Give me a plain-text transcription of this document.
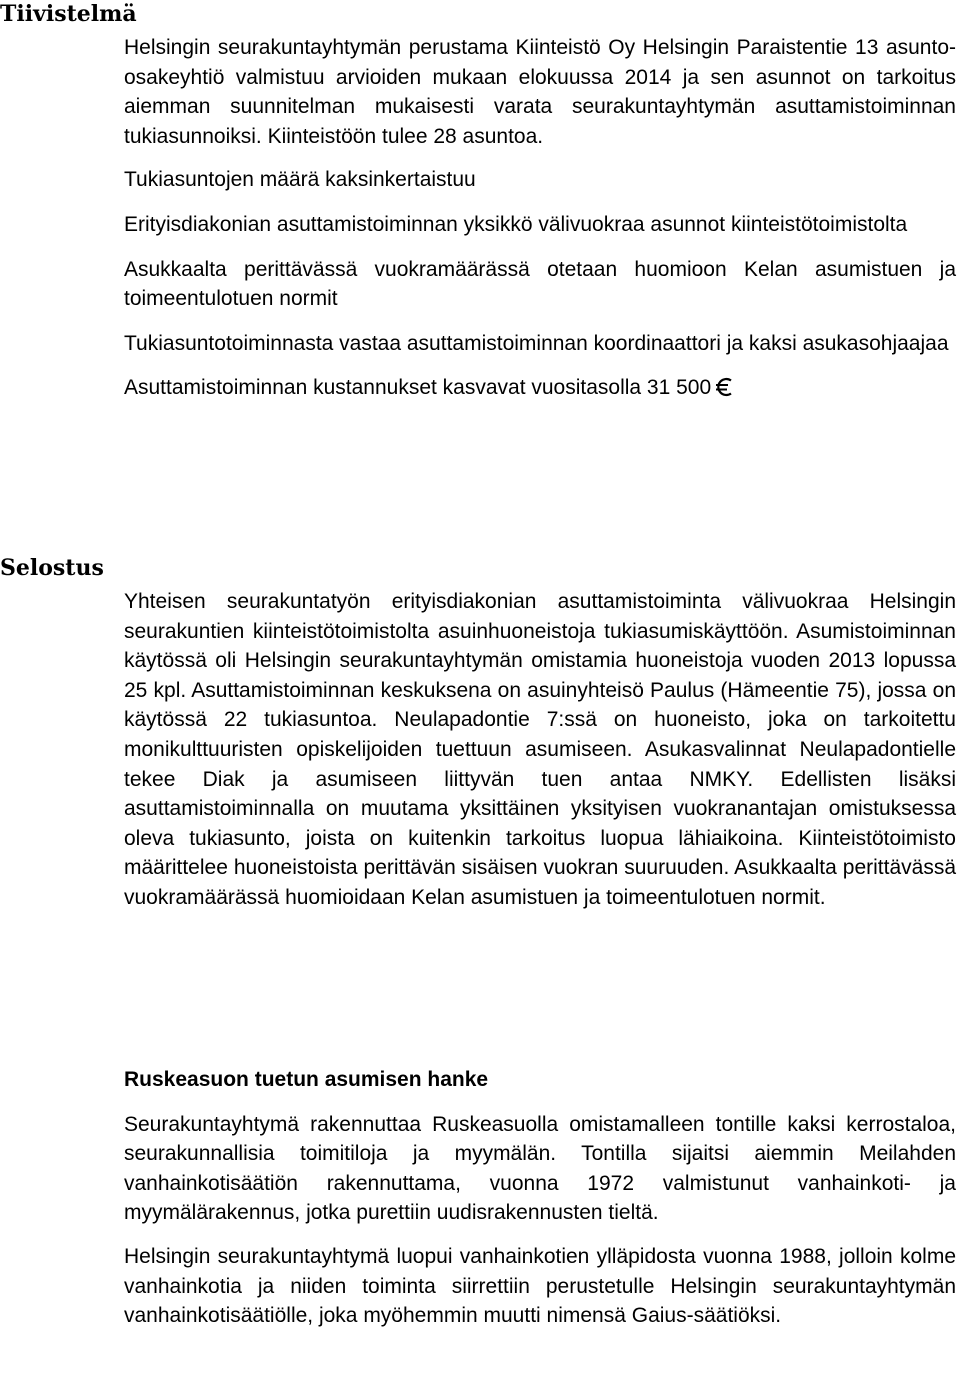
Tiivistelmä

Helsingin seurakuntayhtymän perustama Kiinteistö Oy Helsingin Paraistentie 13 asunto-osakeyhtiö valmistuu arvioiden mukaan elokuussa 2014 ja sen asunnot on tarkoitus aiemman suunnitelman mukaisesti varata seurakuntayhtymän asuttamistoiminnan tukiasunnoiksi. Kiinteistöön tulee 28 asuntoa.

Tukiasuntojen määrä kaksinkertaistuu

Erityisdiakonian asuttamistoiminnan yksikkö välivuokraa asunnot kiinteistötoimistolta

Asukkaalta perittävässä vuokramäärässä otetaan huomioon Kelan asumistuen ja toimeentulotuen normit

Tukiasuntotoiminnasta vastaa asuttamistoiminnan koordinaattori ja kaksi asukasohjaajaa

Asuttamistoiminnan kustannukset kasvavat vuositasolla 31 500

Selostus

Yhteisen seurakuntatyön erityisdiakonian asuttamistoiminta välivuokraa Helsingin seurakuntien kiinteistötoimistolta asuinhuoneistoja tukiasumiskäyttöön. Asumistoiminnan käytössä oli Helsingin seurakuntayhtymän omistamia huoneistoja vuoden 2013 lopussa 25 kpl. Asuttamistoiminnan keskuksena on asuinyhteisö Paulus (Hämeentie 75), jossa on käytössä 22 tukiasuntoa. Neulapadontie 7:ssä on huoneisto, joka on tarkoitettu monikulttuuristen opiskelijoiden tuettuun asumiseen. Asukasvalinnat Neulapadontielle tekee Diak ja asumiseen liittyvän tuen antaa NMKY. Edellisten lisäksi asuttamistoiminnalla on muutama yksittäinen yksityisen vuokranantajan omistuksessa oleva tukiasunto, joista on kuitenkin tarkoitus luopua lähiaikoina. Kiinteistötoimisto määrittelee huoneistoista perittävän sisäisen vuokran suuruuden. Asukkaalta perittävässä vuokramäärässä huomioidaan Kelan asumistuen ja toimeentulotuen normit.

Ruskeasuon tuetun asumisen hanke

Seurakuntayhtymä rakennuttaa Ruskeasuolla omistamalleen tontille kaksi kerrostaloa, seurakunnallisia toimitiloja ja myymälän. Tontilla sijaitsi aiemmin Meilahden vanhainkotisäätiön rakennuttama, vuonna 1972 valmistunut vanhainkoti- ja myymälärakennus, jotka purettiin uudisrakennusten tieltä.

Helsingin seurakuntayhtymä luopui vanhainkotien ylläpidosta vuonna 1988, jolloin kolme vanhainkotia ja niiden toiminta siirrettiin perustetulle Helsingin seurakuntayhtymän vanhainkotisäätiölle, joka myöhemmin muutti nimensä Gaius-säätiöksi.
